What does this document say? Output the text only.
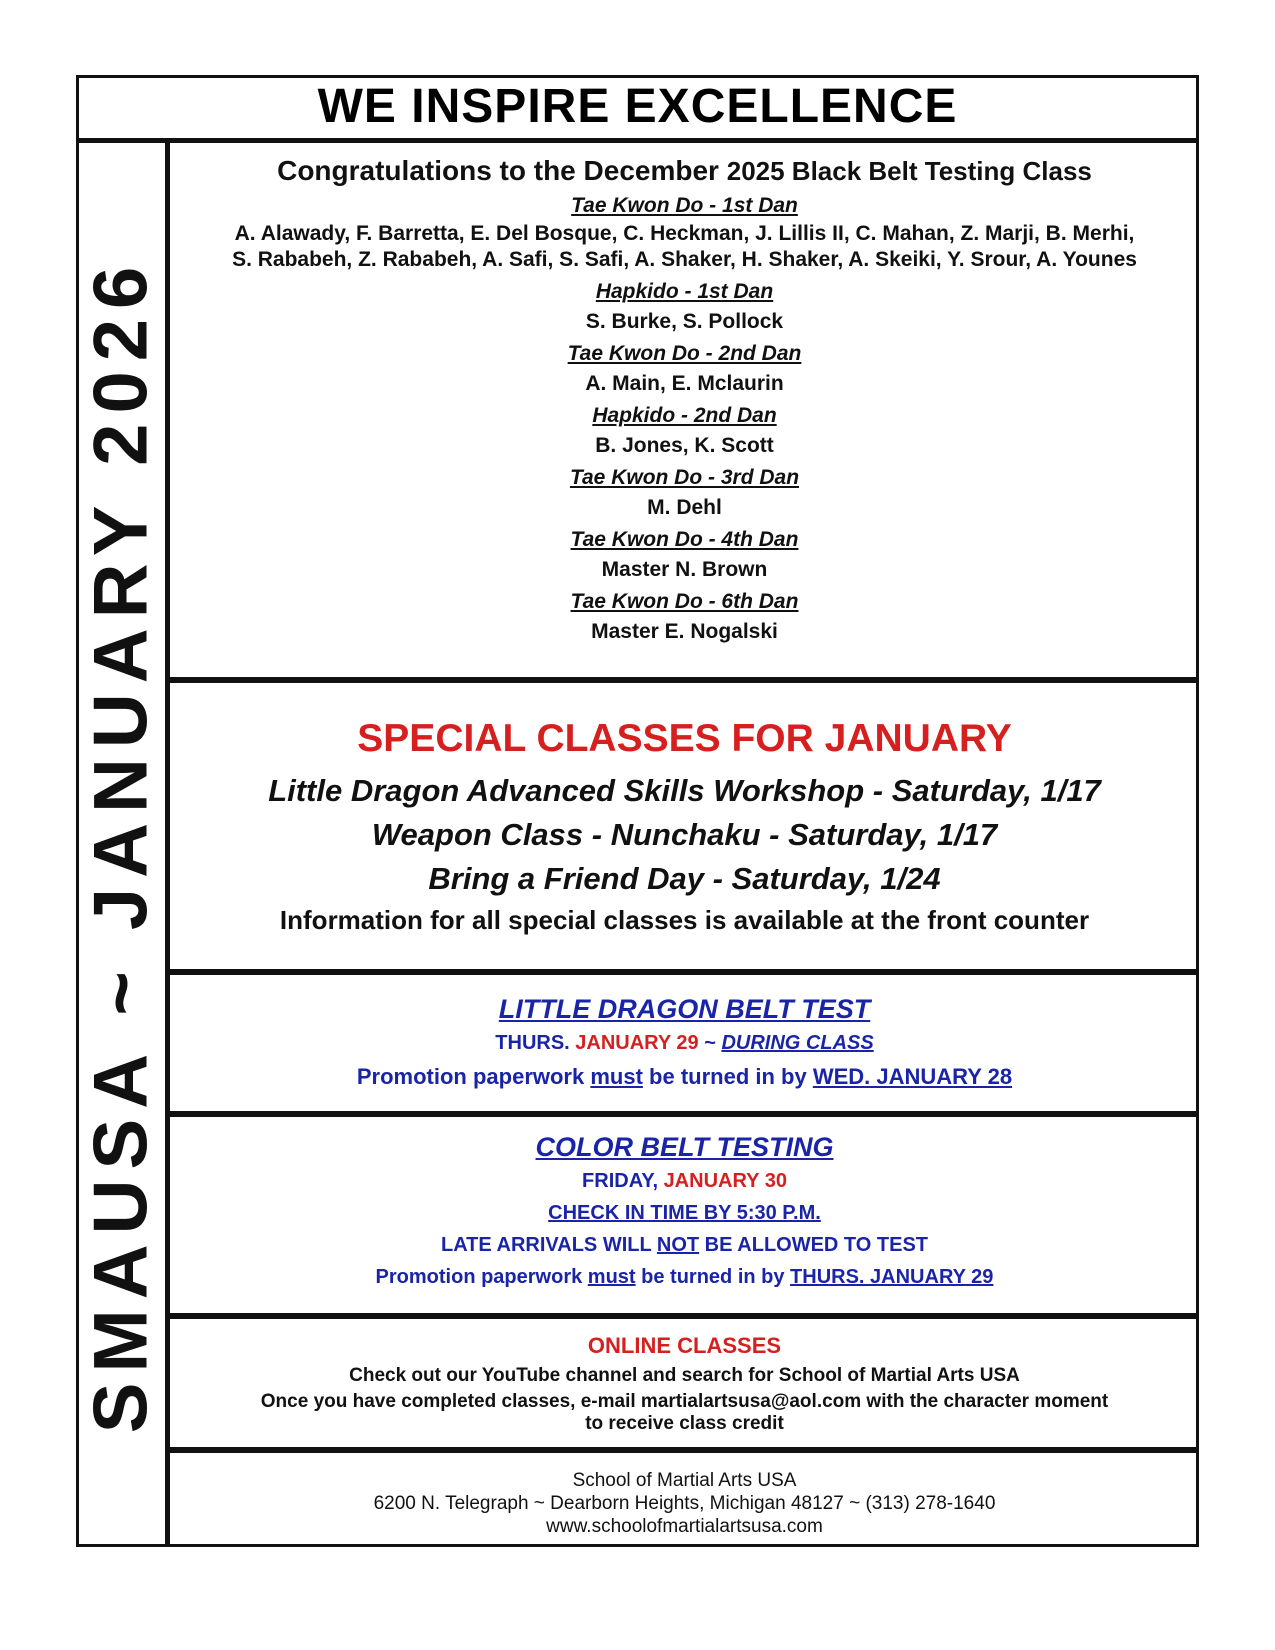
WE INSPIRE EXCELLENCE
SMAUSA ~ JANUARY 2026

Congratulations to the December 2025 Black Belt Testing Class

Tae Kwon Do - 1st Dan

A. Alawady, F. Barretta, E. Del Bosque, C. Heckman, J. Lillis II, C. Mahan, Z. Marji, B. Merhi,
S. Rababeh, Z. Rababeh, A. Safi, S. Safi, A. Shaker, H. Shaker, A. Skeiki, Y. Srour, A. Younes

Hapkido - 1st Dan

S. Burke, S. Pollock

Tae Kwon Do - 2nd Dan

A. Main, E. Mclaurin

Hapkido - 2nd Dan

B. Jones, K. Scott

Tae Kwon Do - 3rd Dan

M. Dehl

Tae Kwon Do - 4th Dan

Master N. Brown

Tae Kwon Do - 6th Dan

Master E. Nogalski

SPECIAL CLASSES FOR JANUARY

Little Dragon Advanced Skills Workshop - Saturday, 1/17

Weapon Class - Nunchaku - Saturday, 1/17

Bring a Friend Day - Saturday, 1/24

Information for all special classes is available at the front counter

LITTLE DRAGON BELT TEST

THURS. JANUARY 29 ~ DURING CLASS

Promotion paperwork must be turned in by WED. JANUARY 28

COLOR BELT TESTING

FRIDAY, JANUARY 30

CHECK IN TIME BY 5:30 P.M.

LATE ARRIVALS WILL NOT BE ALLOWED TO TEST

Promotion paperwork must be turned in by THURS. JANUARY 29

ONLINE CLASSES

Check out our YouTube channel and search for School of Martial Arts USA

Once you have completed classes, e-mail martialartsusa@aol.com with the character moment
to receive class credit

School of Martial Arts USA

6200 N. Telegraph ~ Dearborn Heights, Michigan 48127 ~ (313) 278-1640

www.schoolofmartialartsusa.com
